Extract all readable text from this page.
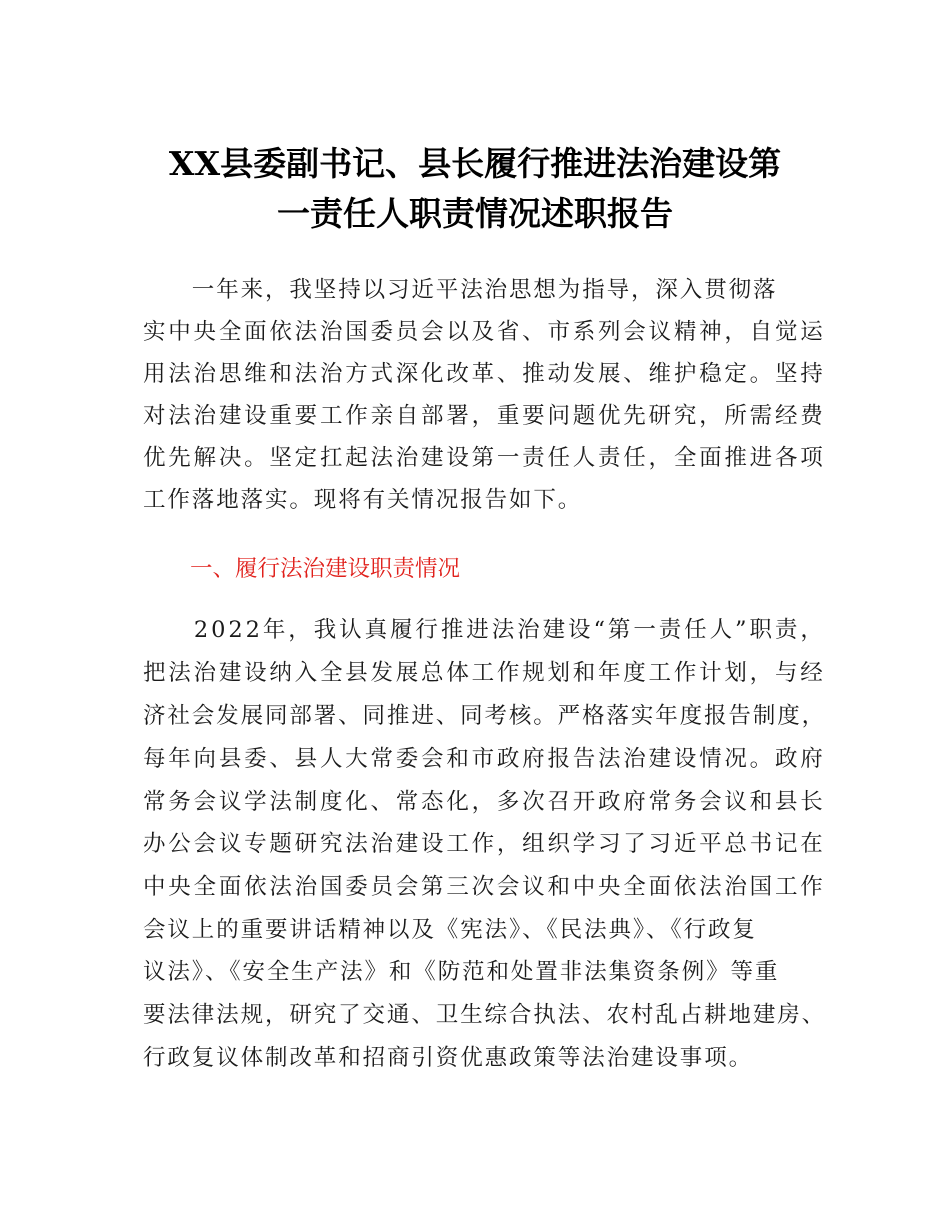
XX县委副书记、县长履行推进法治建设第
一责任人职责情况述职报告
　　一年来，我坚持以习近平法治思想为指导，深入贯彻落
实中央全面依法治国委员会以及省、市系列会议精神，自觉运
用法治思维和法治方式深化改革、推动发展、维护稳定。坚持
对法治建设重要工作亲自部署，重要问题优先研究，所需经费
优先解决。坚定扛起法治建设第一责任人责任，全面推进各项
工作落地落实。现将有关情况报告如下。
一、履行法治建设职责情况
　　2022年，我认真履行推进法治建设“第一责任人”职责，
把法治建设纳入全县发展总体工作规划和年度工作计划，与经
济社会发展同部署、同推进、同考核。严格落实年度报告制度，
每年向县委、县人大常委会和市政府报告法治建设情况。政府
常务会议学法制度化、常态化，多次召开政府常务会议和县长
办公会议专题研究法治建设工作，组织学习了习近平总书记在
中央全面依法治国委员会第三次会议和中央全面依法治国工作
会议上的重要讲话精神以及《宪法》、《民法典》、《行政复
议法》、《安全生产法》和《防范和处置非法集资条例》等重
要法律法规，研究了交通、卫生综合执法、农村乱占耕地建房、
行政复议体制改革和招商引资优惠政策等法治建设事项。
